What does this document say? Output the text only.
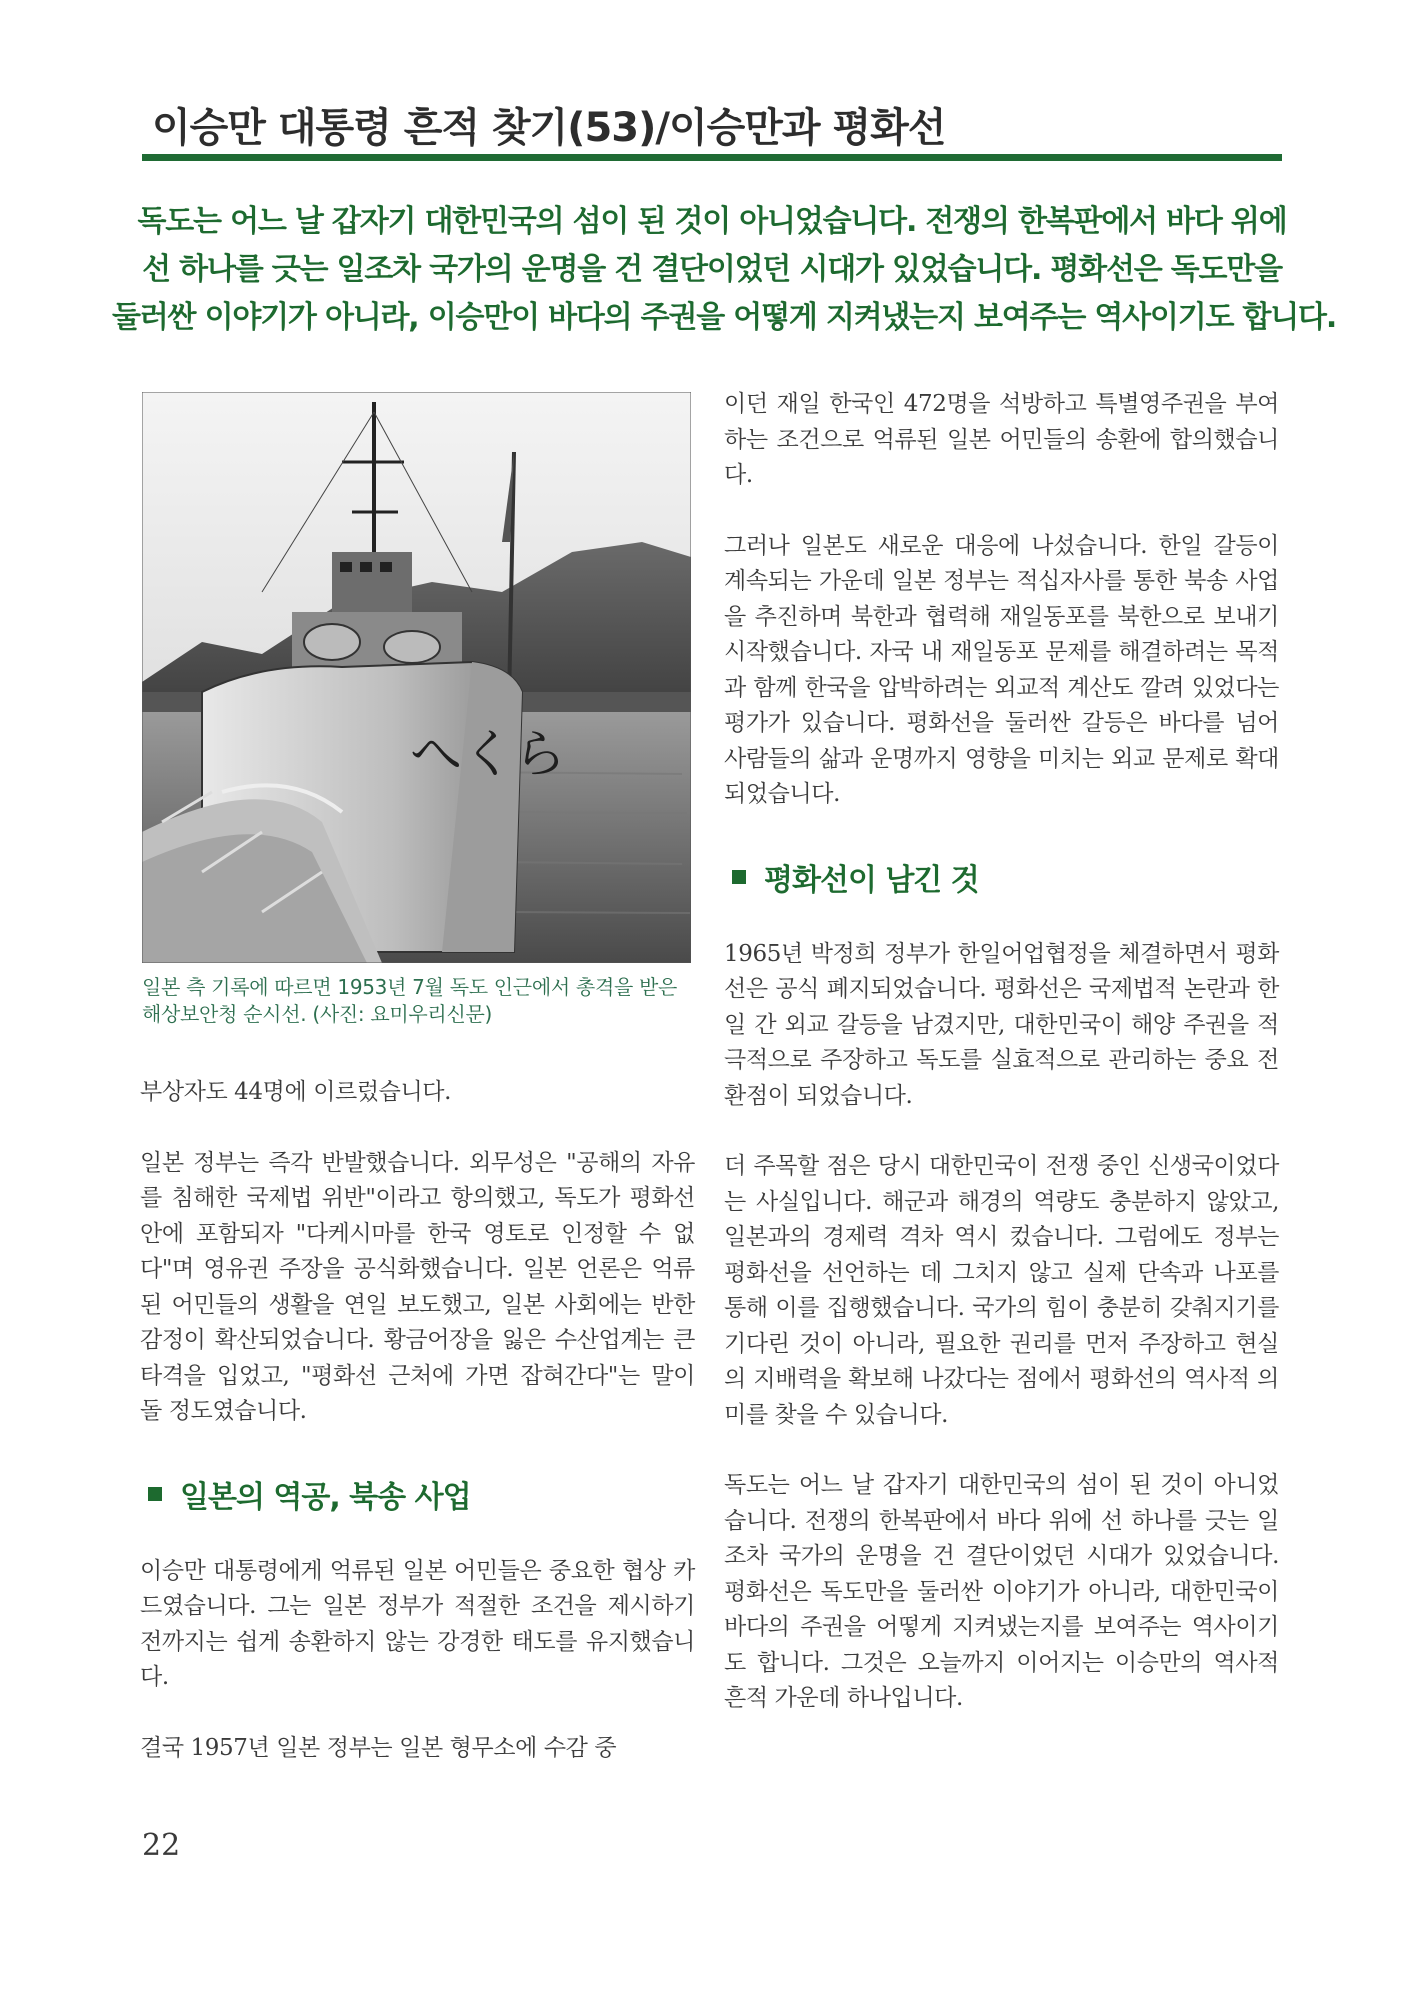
이승만 대통령 흔적 찾기(53)/이승만과 평화선
독도는 어느 날 갑자기 대한민국의 섬이 된 것이 아니었습니다. 전쟁의 한복판에서 바다 위에
선 하나를 긋는 일조차 국가의 운명을 건 결단이었던 시대가 있었습니다. 평화선은 독도만을
둘러싼 이야기가 아니라, 이승만이 바다의 주권을 어떻게 지켜냈는지 보여주는 역사이기도 합니다.
へくら
일본 측 기록에 따르면 1953년 7월 독도 인근에서 총격을 받은 해상보안청 순시선. (사진: 요미우리신문)

부상자도 44명에 이르렀습니다.

일본 정부는 즉각 반발했습니다. 외무성은 "공해의 자유를 침해한 국제법 위반"이라고 항의했고, 독도가 평화선 안에 포함되자 "다케시마를 한국 영토로 인정할 수 없다"며 영유권 주장을 공식화했습니다. 일본 언론은 억류된 어민들의 생활을 연일 보도했고, 일본 사회에는 반한 감정이 확산되었습니다. 황금어장을 잃은 수산업계는 큰 타격을 입었고, "평화선 근처에 가면 잡혀간다"는 말이 돌 정도였습니다.

일본의 역공, 북송 사업

이승만 대통령에게 억류된 일본 어민들은 중요한 협상 카드였습니다. 그는 일본 정부가 적절한 조건을 제시하기 전까지는 쉽게 송환하지 않는 강경한 태도를 유지했습니다.

결국 1957년 일본 정부는 일본 형무소에 수감 중

이던 재일 한국인 472명을 석방하고 특별영주권을 부여하는 조건으로 억류된 일본 어민들의 송환에 합의했습니다.

그러나 일본도 새로운 대응에 나섰습니다. 한일 갈등이 계속되는 가운데 일본 정부는 적십자사를 통한 북송 사업을 추진하며 북한과 협력해 재일동포를 북한으로 보내기 시작했습니다. 자국 내 재일동포 문제를 해결하려는 목적과 함께 한국을 압박하려는 외교적 계산도 깔려 있었다는 평가가 있습니다. 평화선을 둘러싼 갈등은 바다를 넘어 사람들의 삶과 운명까지 영향을 미치는 외교 문제로 확대되었습니다.

평화선이 남긴 것

1965년 박정희 정부가 한일어업협정을 체결하면서 평화선은 공식 폐지되었습니다. 평화선은 국제법적 논란과 한일 간 외교 갈등을 남겼지만, 대한민국이 해양 주권을 적극적으로 주장하고 독도를 실효적으로 관리하는 중요 전환점이 되었습니다.

더 주목할 점은 당시 대한민국이 전쟁 중인 신생국이었다는 사실입니다. 해군과 해경의 역량도 충분하지 않았고, 일본과의 경제력 격차 역시 컸습니다. 그럼에도 정부는 평화선을 선언하는 데 그치지 않고 실제 단속과 나포를 통해 이를 집행했습니다. 국가의 힘이 충분히 갖춰지기를 기다린 것이 아니라, 필요한 권리를 먼저 주장하고 현실의 지배력을 확보해 나갔다는 점에서 평화선의 역사적 의미를 찾을 수 있습니다.

독도는 어느 날 갑자기 대한민국의 섬이 된 것이 아니었습니다. 전쟁의 한복판에서 바다 위에 선 하나를 긋는 일조차 국가의 운명을 건 결단이었던 시대가 있었습니다. 평화선은 독도만을 둘러싼 이야기가 아니라, 대한민국이 바다의 주권을 어떻게 지켜냈는지를 보여주는 역사이기도 합니다. 그것은 오늘까지 이어지는 이승만의 역사적 흔적 가운데 하나입니다.

22
